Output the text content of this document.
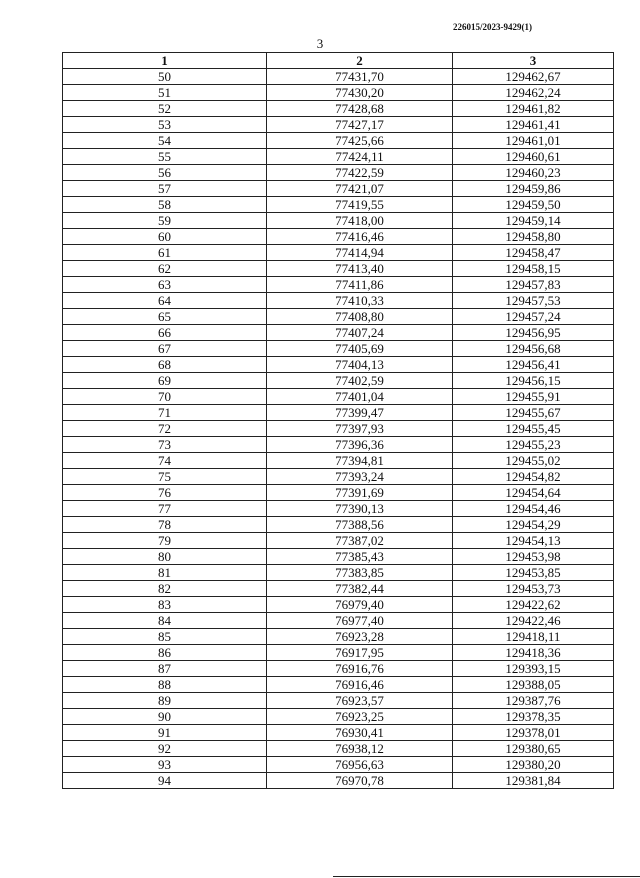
226015/2023-9429(1)
3
1	2	3
50	77431,70	129462,67
51	77430,20	129462,24
52	77428,68	129461,82
53	77427,17	129461,41
54	77425,66	129461,01
55	77424,11	129460,61
56	77422,59	129460,23
57	77421,07	129459,86
58	77419,55	129459,50
59	77418,00	129459,14
60	77416,46	129458,80
61	77414,94	129458,47
62	77413,40	129458,15
63	77411,86	129457,83
64	77410,33	129457,53
65	77408,80	129457,24
66	77407,24	129456,95
67	77405,69	129456,68
68	77404,13	129456,41
69	77402,59	129456,15
70	77401,04	129455,91
71	77399,47	129455,67
72	77397,93	129455,45
73	77396,36	129455,23
74	77394,81	129455,02
75	77393,24	129454,82
76	77391,69	129454,64
77	77390,13	129454,46
78	77388,56	129454,29
79	77387,02	129454,13
80	77385,43	129453,98
81	77383,85	129453,85
82	77382,44	129453,73
83	76979,40	129422,62
84	76977,40	129422,46
85	76923,28	129418,11
86	76917,95	129418,36
87	76916,76	129393,15
88	76916,46	129388,05
89	76923,57	129387,76
90	76923,25	129378,35
91	76930,41	129378,01
92	76938,12	129380,65
93	76956,63	129380,20
94	76970,78	129381,84
